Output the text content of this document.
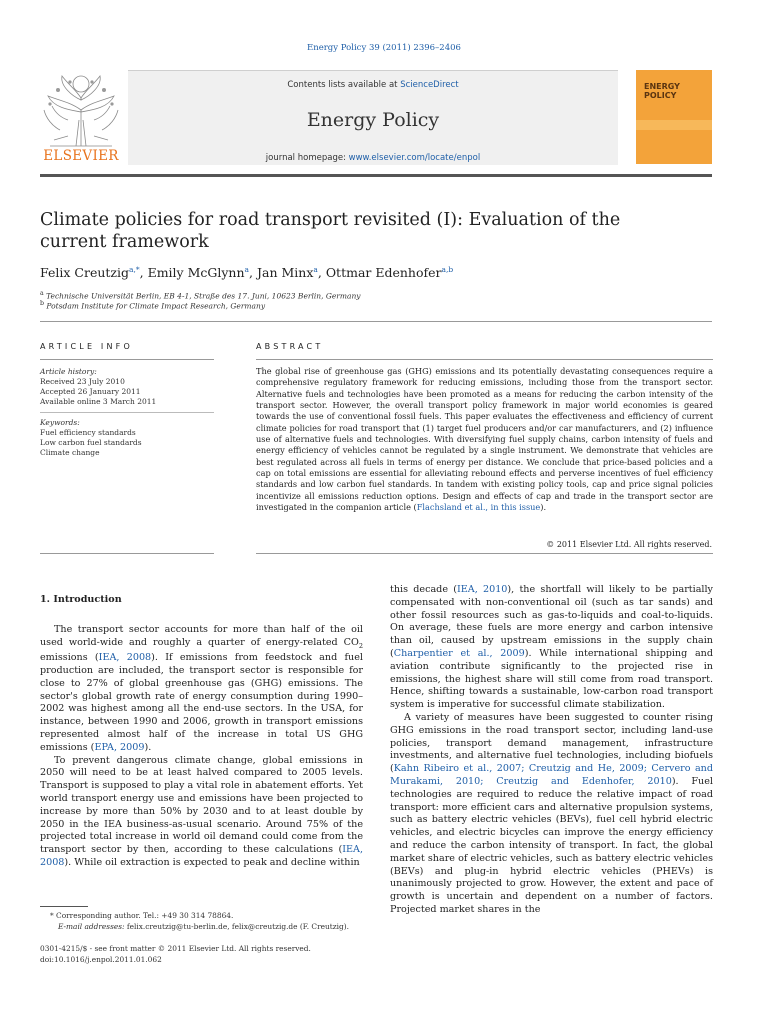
Energy Policy 39 (2011) 2396–2406
ELSEVIER
Contents lists available at ScienceDirect
Energy Policy
journal homepage: www.elsevier.com/locate/enpol
ENERGY
POLICY
Climate policies for road transport revisited (I): Evaluation of the current framework
Felix Creutzig$^{a,*}$, Emily McGlynn$^a$, Jan Minx$^a$, Ottmar Edenhofer$^{a,b}$
$^a$ Technische Universität Berlin, EB 4-1, Straße des 17. Juni, 10623 Berlin, Germany
$^b$ Potsdam Institute for Climate Impact Research, Germany
ARTICLE INFO	ABSTRACT
Article history:
Received 23 July 2010
Accepted 26 January 2011
Available online 3 March 2011
Keywords:
Fuel efficiency standards
Low carbon fuel standards
Climate change
The global rise of greenhouse gas (GHG) emissions and its potentially devastating consequences require a comprehensive regulatory framework for reducing emissions, including those from the transport sector. Alternative fuels and technologies have been promoted as a means for reducing the carbon intensity of the transport sector. However, the overall transport policy framework in major world economies is geared towards the use of conventional fossil fuels. This paper evaluates the effectiveness and efficiency of current climate policies for road transport that (1) target fuel producers and/or car manufacturers, and (2) influence use of alternative fuels and technologies. With diversifying fuel supply chains, carbon intensity of fuels and energy efficiency of vehicles cannot be regulated by a single instrument. We demonstrate that vehicles are best regulated across all fuels in terms of energy per distance. We conclude that price-based policies and a cap on total emissions are essential for alleviating rebound effects and perverse incentives of fuel efficiency standards and low carbon fuel standards. In tandem with existing policy tools, cap and price signal policies incentivize all emissions reduction options. Design and effects of cap and trade in the transport sector are investigated in the companion article (Flachsland et al., in this issue).
© 2011 Elsevier Ltd. All rights reserved.
1. Introduction

The transport sector accounts for more than half of the oil used world-wide and roughly a quarter of energy-related $CO_2$ emissions (IEA, 2008). If emissions from feedstock and fuel production are included, the transport sector is responsible for close to 27% of global greenhouse gas (GHG) emissions. The sector's global growth rate of energy consumption during 1990–2002 was highest among all the end-use sectors. In the USA, for instance, between 1990 and 2006, growth in transport emissions represented almost half of the increase in total US GHG emissions (EPA, 2009).

To prevent dangerous climate change, global emissions in 2050 will need to be at least halved compared to 2005 levels. Transport is supposed to play a vital role in abatement efforts. Yet world transport energy use and emissions have been projected to increase by more than 50% by 2030 and to at least double by 2050 in the IEA business-as-usual scenario. Around 75% of the projected total increase in world oil demand could come from the transport sector by then, according to these calculations (IEA, 2008). While oil extraction is expected to peak and decline within

this decade (IEA, 2010), the shortfall will likely to be partially compensated with non-conventional oil (such as tar sands) and other fossil resources such as gas-to-liquids and coal-to-liquids. On average, these fuels are more energy and carbon intensive than oil, caused by upstream emissions in the supply chain (Charpentier et al., 2009). While international shipping and aviation contribute significantly to the projected rise in emissions, the highest share will still come from road transport. Hence, shifting towards a sustainable, low-carbon road transport system is imperative for successful climate stabilization.

A variety of measures have been suggested to counter rising GHG emissions in the road transport sector, including land-use policies, transport demand management, infrastructure investments, and alternative fuel technologies, including biofuels (Kahn Ribeiro et al., 2007; Creutzig and He, 2009; Cervero and Murakami, 2010; Creutzig and Edenhofer, 2010). Fuel technologies are required to reduce the relative impact of road transport: more efficient cars and alternative propulsion systems, such as battery electric vehicles (BEVs), fuel cell hybrid electric vehicles, and electric bicycles can improve the energy efficiency and reduce the carbon intensity of transport. In fact, the global market share of electric vehicles, such as battery electric vehicles (BEVs) and plug-in hybrid electric vehicles (PHEVs) is unanimously projected to grow. However, the extent and pace of growth is uncertain and dependent on a number of factors. Projected market shares in the

* Corresponding author. Tel.: +49 30 314 78864.
E-mail addresses: felix.creutzig@tu-berlin.de, felix@creutzig.de (F. Creutzig).
0301-4215/$ - see front matter © 2011 Elsevier Ltd. All rights reserved.
doi:10.1016/j.enpol.2011.01.062
